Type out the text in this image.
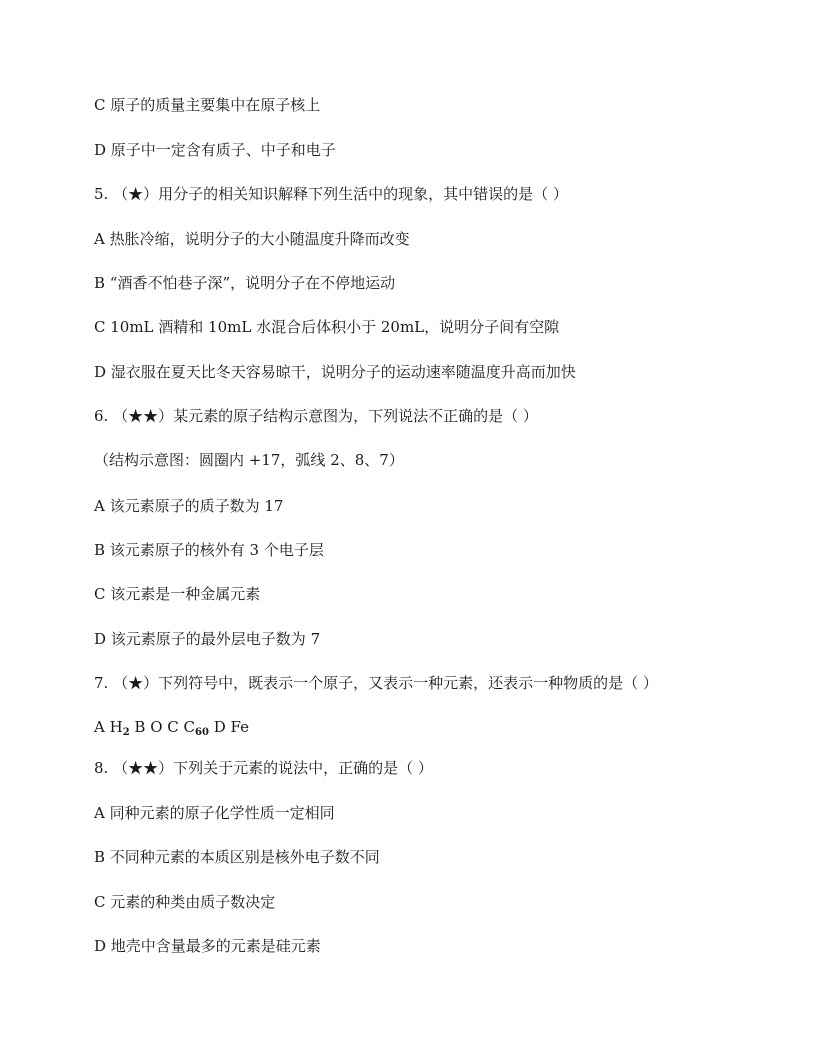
C 原子的质量主要集中在原子核上
D 原子中一定含有质子、中子和电子
5. （★）用分子的相关知识解释下列生活中的现象，其中错误的是（ ）
A 热胀冷缩，说明分子的大小随温度升降而改变
B “酒香不怕巷子深”，说明分子在不停地运动
C 10mL 酒精和 10mL 水混合后体积小于 20mL，说明分子间有空隙
D 湿衣服在夏天比冬天容易晾干，说明分子的运动速率随温度升高而加快
6. （★★）某元素的原子结构示意图为，下列说法不正确的是（ ）
（结构示意图：圆圈内 +17，弧线 2、8、7）
A 该元素原子的质子数为 17
B 该元素原子的核外有 3 个电子层
C 该元素是一种金属元素
D 该元素原子的最外层电子数为 7
7. （★）下列符号中，既表示一个原子，又表示一种元素，还表示一种物质的是（ ）
A $H_2$ B O C $C_{60}$ D Fe
8. （★★）下列关于元素的说法中，正确的是（ ）
A 同种元素的原子化学性质一定相同
B 不同种元素的本质区别是核外电子数不同
C 元素的种类由质子数决定
D 地壳中含量最多的元素是硅元素
